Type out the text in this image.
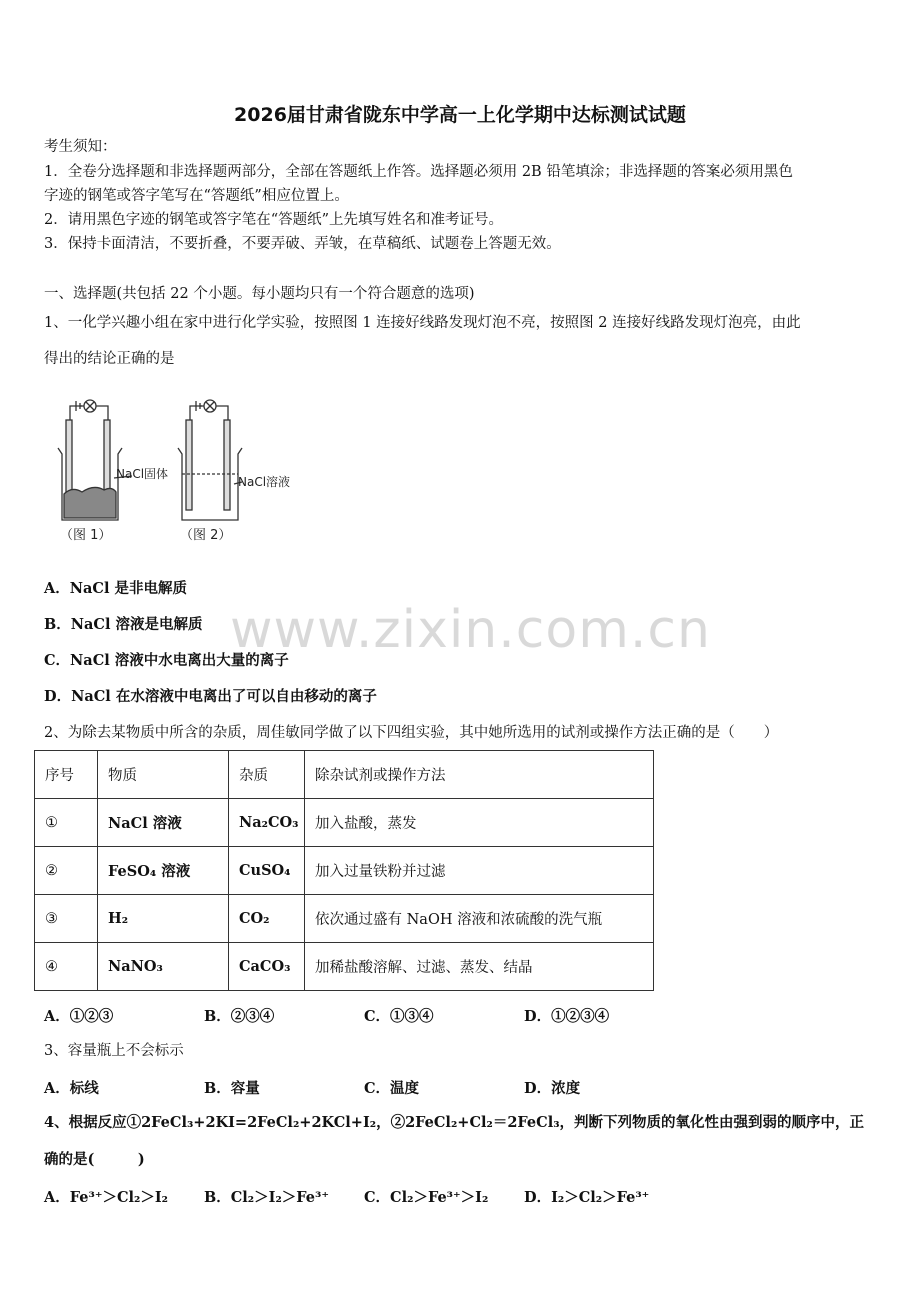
2026届甘肃省陇东中学高一上化学期中达标测试试题
考生须知：
1．全卷分选择题和非选择题两部分，全部在答题纸上作答。选择题必须用 2B 铅笔填涂；非选择题的答案必须用黑色
字迹的钢笔或答字笔写在“答题纸”相应位置上。
2．请用黑色字迹的钢笔或答字笔在“答题纸”上先填写姓名和准考证号。
3．保持卡面清洁，不要折叠，不要弄破、弄皱，在草稿纸、试题卷上答题无效。
一、选择题(共包括 22 个小题。每小题均只有一个符合题意的选项)
1、一化学兴趣小组在家中进行化学实验，按照图 1 连接好线路发现灯泡不亮，按照图 2 连接好线路发现灯泡亮，由此
得出的结论正确的是
NaCl固体
（图 1）
NaCl溶液
（图 2）
A．NaCl 是非电解质
B．NaCl 溶液是电解质
C．NaCl 溶液中水电离出大量的离子
D．NaCl 在水溶液中电离出了可以自由移动的离子
www.zixin.com.cn
2、为除去某物质中所含的杂质，周佳敏同学做了以下四组实验，其中她所选用的试剂或操作方法正确的是（　　）
序号	物质	杂质	除杂试剂或操作方法
①	NaCl 溶液	Na₂CO₃	加入盐酸，蒸发
②	FeSO₄ 溶液	CuSO₄	加入过量铁粉并过滤
③	H₂	CO₂	依次通过盛有 NaOH 溶液和浓硫酸的洗气瓶
④	NaNO₃	CaCO₃	加稀盐酸溶解、过滤、蒸发、结晶
A．①②③	B．②③④	C．①③④	D．①②③④
3、容量瓶上不会标示
A．标线	B．容量	C．温度	D．浓度
4、根据反应①2FeCl₃+2KI=2FeCl₂+2KCl+I₂，②2FeCl₂+Cl₂＝2FeCl₃，判断下列物质的氧化性由强到弱的顺序中，正
确的是(　　　)
A．Fe³⁺＞Cl₂＞I₂ B．Cl₂＞I₂＞Fe³⁺ C．Cl₂＞Fe³⁺＞I₂ D．I₂＞Cl₂＞Fe³⁺
